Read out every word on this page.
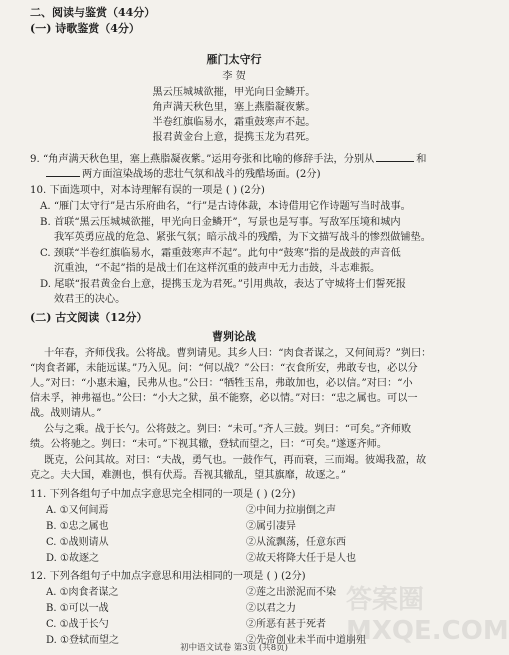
二、阅读与鉴赏（44分）
(一) 诗歌鉴赏（4分）
雁门太守行
李 贺
黑云压城城欲摧，甲光向日金鳞开。
角声满天秋色里，塞上燕脂凝夜紫。
半卷红旗临易水，霜重鼓寒声不起。
报君黄金台上意，提携玉龙为君死。
9. “角声满天秋色里，塞上燕脂凝夜紫。”运用夸张和比喻的修辞手法，分别从	和
两方面渲染战场的悲壮气氛和战斗的残酷场面。(2分)
10. 下面选项中，对本诗理解有误的一项是 ( ) (2分)
A. “雁门太守行”是古乐府曲名，“行”是古诗体裁，本诗借用它作诗题写当时战事。
B. 首联“黑云压城城欲摧，甲光向日金鳞开”，写景也是写事。写敌军压境和城内
我军英勇应战的危急、紧张气氛；暗示战斗的残酷，为下文描写战斗的惨烈做铺垫。
C. 颈联“半卷红旗临易水，霜重鼓寒声不起”。此句中“鼓寒”指的是战鼓的声音低
沉重浊，“不起”指的是战士们在这样沉重的鼓声中无力击鼓，斗志难振。
D. 尾联“报君黄金台上意，提携玉龙为君死。”引用典故，表达了守城将士们誓死报
效君王的决心。
(二) 古文阅读（12分）
曹刿论战
十年春，齐师伐我。公将战。曹刿请见。其乡人曰：“肉食者谋之，又何间焉？”刿曰：
“肉食者鄙，未能远谋。”乃入见。问：“何以战？”公曰：“衣食所安，弗敢专也，必以分
人。”对曰：“小惠未遍，民弗从也。”公曰：“牺牲玉帛，弗敢加也，必以信。”对曰：“小
信未孚，神弗福也。”公曰：“小大之狱，虽不能察，必以情。”对曰：“忠之属也。可以一
战。战则请从。”
公与之乘。战于长勺。公将鼓之。刿曰：“未可。”齐人三鼓。刿曰：“可矣。”齐师败
绩。公将驰之。刿曰：“未可。”下视其辙，登轼而望之，曰：“可矣。”遂逐齐师。
既克，公问其故。对曰：“夫战，勇气也。一鼓作气，再而衰，三而竭。彼竭我盈，故
克之。夫大国，难测也，惧有伏焉。吾视其辙乱，望其旗靡，故逐之。”
11. 下列各组句子中加点字意思完全相同的一项是 ( ) (2分)
A. ①又何间焉	②中间力拉崩倒之声
B. ①忠之属也	②属引凄异
C. ①战则请从	②从流飘荡，任意东西
D. ①故逐之	②故天将降大任于是人也
12. 下列各组句子中加点字意思和用法相同的一项是 ( ) (2分)
A. ①肉食者谋之	②莲之出淤泥而不染
B. ①可以一战	②以君之力
C. ①战于长勺	②所恶有甚于死者
D. ①登轼而望之	②先帝创业未半而中道崩殂
初中语文试卷 第3页 (共8页)
答案圈 MXQE.COM
